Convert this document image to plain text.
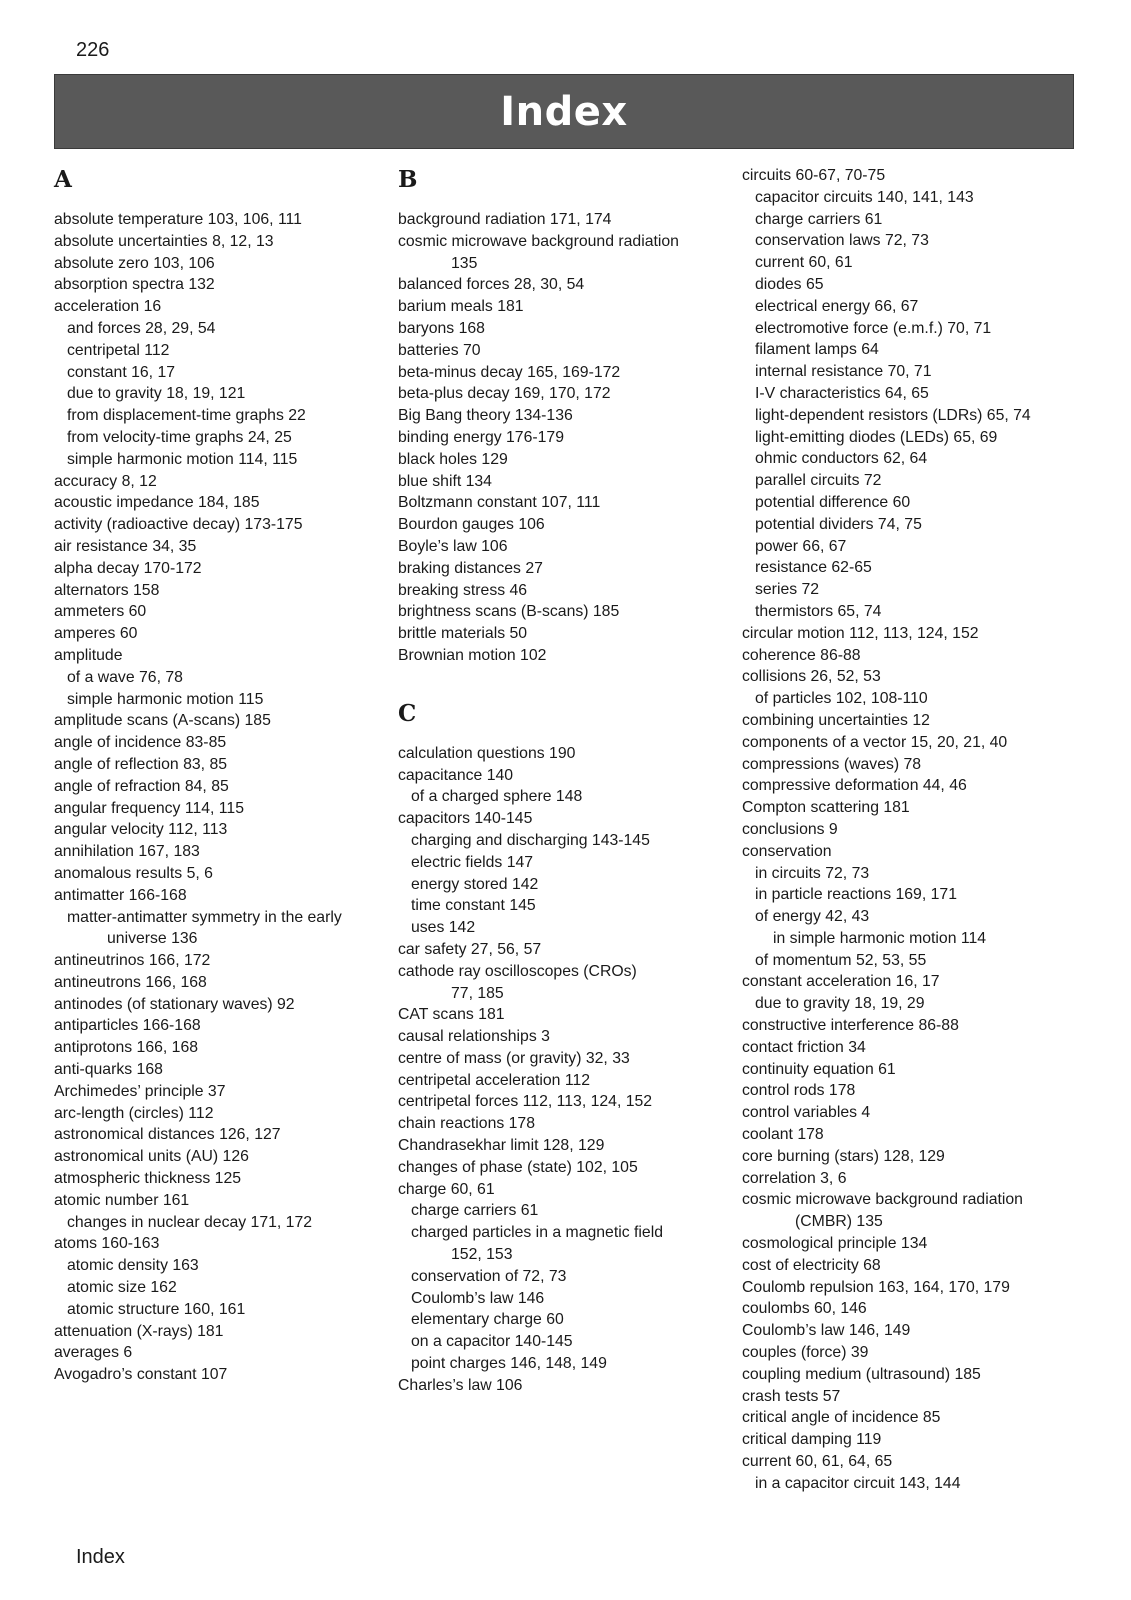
226
Index
A
absolute temperature 103, 106, 111
absolute uncertainties 8, 12, 13
absolute zero 103, 106
absorption spectra 132
acceleration 16
and forces 28, 29, 54
centripetal 112
constant 16, 17
due to gravity 18, 19, 121
from displacement-time graphs 22
from velocity-time graphs 24, 25
simple harmonic motion 114, 115
accuracy 8, 12
acoustic impedance 184, 185
activity (radioactive decay) 173-175
air resistance 34, 35
alpha decay 170-172
alternators 158
ammeters 60
amperes 60
amplitude
of a wave 76, 78
simple harmonic motion 115
amplitude scans (A-scans) 185
angle of incidence 83-85
angle of reflection 83, 85
angle of refraction 84, 85
angular frequency 114, 115
angular velocity 112, 113
annihilation 167, 183
anomalous results 5, 6
antimatter 166-168
matter-antimatter symmetry in the early
universe 136
antineutrinos 166, 172
antineutrons 166, 168
antinodes (of stationary waves) 92
antiparticles 166-168
antiprotons 166, 168
anti-quarks 168
Archimedes’ principle 37
arc-length (circles) 112
astronomical distances 126, 127
astronomical units (AU) 126
atmospheric thickness 125
atomic number 161
changes in nuclear decay 171, 172
atoms 160-163
atomic density 163
atomic size 162
atomic structure 160, 161
attenuation (X-rays) 181
averages 6
Avogadro’s constant 107
B
background radiation 171, 174
cosmic microwave background radiation
135
balanced forces 28, 30, 54
barium meals 181
baryons 168
batteries 70
beta-minus decay 165, 169-172
beta-plus decay 169, 170, 172
Big Bang theory 134-136
binding energy 176-179
black holes 129
blue shift 134
Boltzmann constant 107, 111
Bourdon gauges 106
Boyle’s law 106
braking distances 27
breaking stress 46
brightness scans (B-scans) 185
brittle materials 50
Brownian motion 102
C
calculation questions 190
capacitance 140
of a charged sphere 148
capacitors 140-145
charging and discharging 143-145
electric fields 147
energy stored 142
time constant 145
uses 142
car safety 27, 56, 57
cathode ray oscilloscopes (CROs)
77, 185
CAT scans 181
causal relationships 3
centre of mass (or gravity) 32, 33
centripetal acceleration 112
centripetal forces 112, 113, 124, 152
chain reactions 178
Chandrasekhar limit 128, 129
changes of phase (state) 102, 105
charge 60, 61
charge carriers 61
charged particles in a magnetic field
152, 153
conservation of 72, 73
Coulomb’s law 146
elementary charge 60
on a capacitor 140-145
point charges 146, 148, 149
Charles’s law 106
circuits 60-67, 70-75
capacitor circuits 140, 141, 143
charge carriers 61
conservation laws 72, 73
current 60, 61
diodes 65
electrical energy 66, 67
electromotive force (e.m.f.) 70, 71
filament lamps 64
internal resistance 70, 71
I-V characteristics 64, 65
light-dependent resistors (LDRs) 65, 74
light-emitting diodes (LEDs) 65, 69
ohmic conductors 62, 64
parallel circuits 72
potential difference 60
potential dividers 74, 75
power 66, 67
resistance 62-65
series 72
thermistors 65, 74
circular motion 112, 113, 124, 152
coherence 86-88
collisions 26, 52, 53
of particles 102, 108-110
combining uncertainties 12
components of a vector 15, 20, 21, 40
compressions (waves) 78
compressive deformation 44, 46
Compton scattering 181
conclusions 9
conservation
in circuits 72, 73
in particle reactions 169, 171
of energy 42, 43
in simple harmonic motion 114
of momentum 52, 53, 55
constant acceleration 16, 17
due to gravity 18, 19, 29
constructive interference 86-88
contact friction 34
continuity equation 61
control rods 178
control variables 4
coolant 178
core burning (stars) 128, 129
correlation 3, 6
cosmic microwave background radiation
(CMBR) 135
cosmological principle 134
cost of electricity 68
Coulomb repulsion 163, 164, 170, 179
coulombs 60, 146
Coulomb’s law 146, 149
couples (force) 39
coupling medium (ultrasound) 185
crash tests 57
critical angle of incidence 85
critical damping 119
current 60, 61, 64, 65
in a capacitor circuit 143, 144
Index
